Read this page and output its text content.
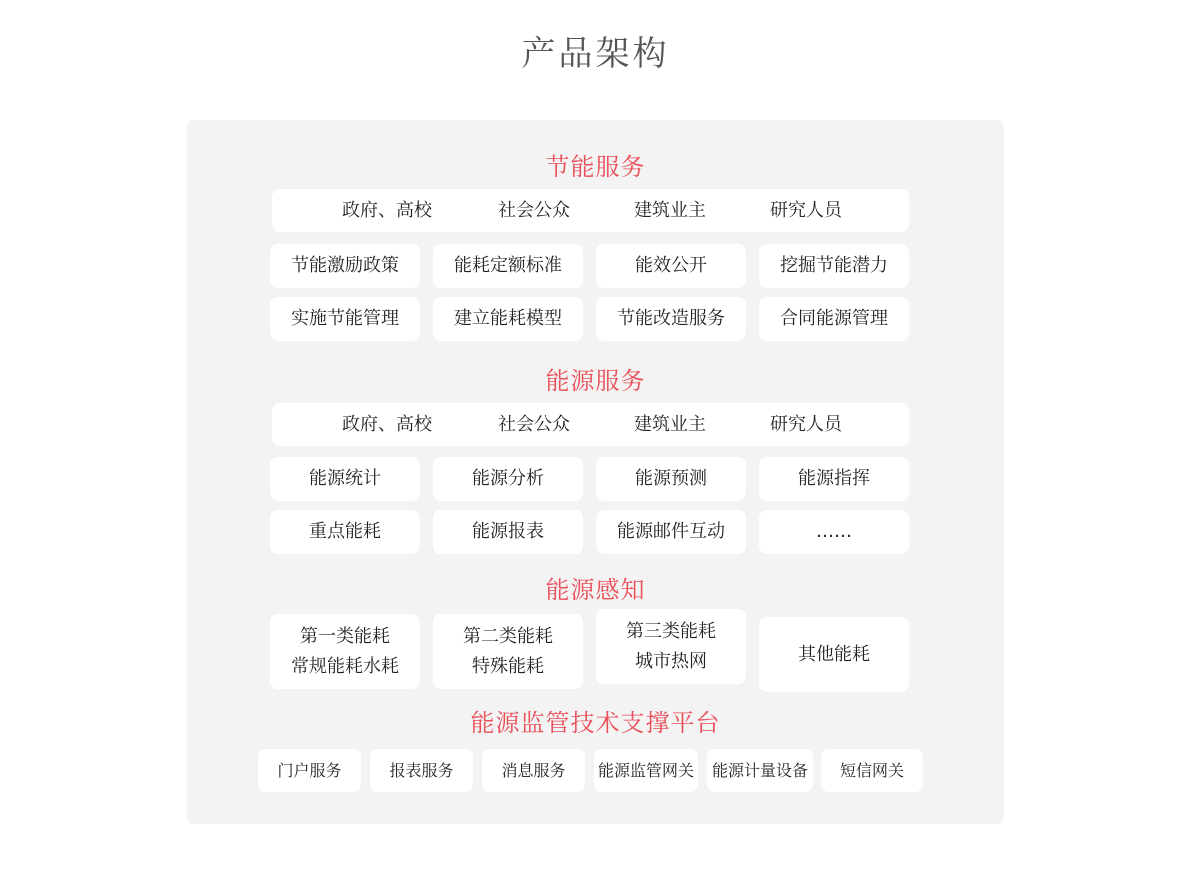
产品架构
节能服务
政府、高校	社会公众	建筑业主	研究人员
节能激励政策	能耗定额标准	能效公开	挖掘节能潜力
实施节能管理	建立能耗模型	节能改造服务	合同能源管理
能源服务
政府、高校	社会公众	建筑业主	研究人员
能源统计	能源分析	能源预测	能源指挥
重点能耗	能源报表	能源邮件互动	……
能源感知
第一类能耗
常规能耗水耗
第二类能耗
特殊能耗
第三类能耗
城市热网	其他能耗
能源监管技术支撑平台
门户服务	报表服务	消息服务	能源监管网关	能源计量设备	短信网关
